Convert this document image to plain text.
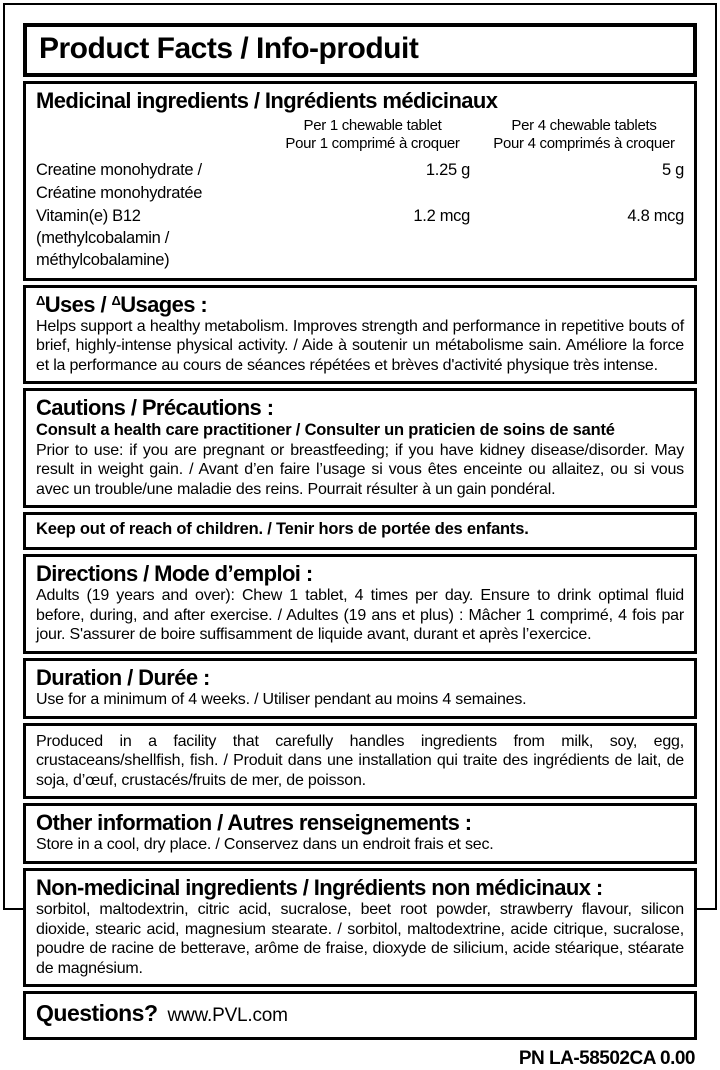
Product Facts / Info-produit
Medicinal ingredients / Ingrédients médicinaux
Per 1 chewable tablet
Pour 1 comprimé à croquer
Per 4 chewable tablets
Pour 4 comprimés à croquer
Creatine monohydrate / Créatine monohydratée
1.25 g	5 g
Vitamin(e) B12 (methylcobalamin / méthylcobalamine)
1.2 mcg	4.8 mcg
$^\Delta$Uses / $^\Delta$Usages :
Helps support a healthy metabolism. Improves strength and performance in repetitive bouts of brief, highly-intense physical activity. / Aide à soutenir un métabolisme sain. Améliore la force et la performance au cours de séances répétées et brèves d'activité physique très intense.
Cautions / Précautions :
Consult a health care practitioner / Consulter un praticien de soins de santé
Prior to use: if you are pregnant or breastfeeding; if you have kidney disease/disorder. May result in weight gain. / Avant d’en faire l’usage si vous êtes enceinte ou allaitez, ou si vous avec un trouble/une maladie des reins. Pourrait résulter à un gain pondéral.
Keep out of reach of children. / Tenir hors de portée des enfants.
Directions / Mode d’emploi :
Adults (19 years and over): Chew 1 tablet, 4 times per day. Ensure to drink optimal fluid before, during, and after exercise. / Adultes (19 ans et plus) : Mâcher 1 comprimé, 4 fois par jour. S'assurer de boire suffisamment de liquide avant, durant et après l’exercice.
Duration / Durée :
Use for a minimum of 4 weeks. / Utiliser pendant au moins 4 semaines.
Produced in a facility that carefully handles ingredients from milk, soy, egg, crustaceans/shellfish, fish. / Produit dans une installation qui traite des ingrédients de lait, de soja, d’œuf, crustacés/fruits de mer, de poisson.
Other information / Autres renseignements :
Store in a cool, dry place. / Conservez dans un endroit frais et sec.
Non-medicinal ingredients / Ingrédients non médicinaux :
sorbitol, maltodextrin, citric acid, sucralose, beet root powder, strawberry flavour, silicon dioxide, stearic acid, magnesium stearate. / sorbitol, maltodextrine, acide citrique, sucralose, poudre de racine de betterave, arôme de fraise, dioxyde de silicium, acide stéarique, stéarate de magnésium.
Questions? www.PVL.com
PN LA-58502CA 0.00
